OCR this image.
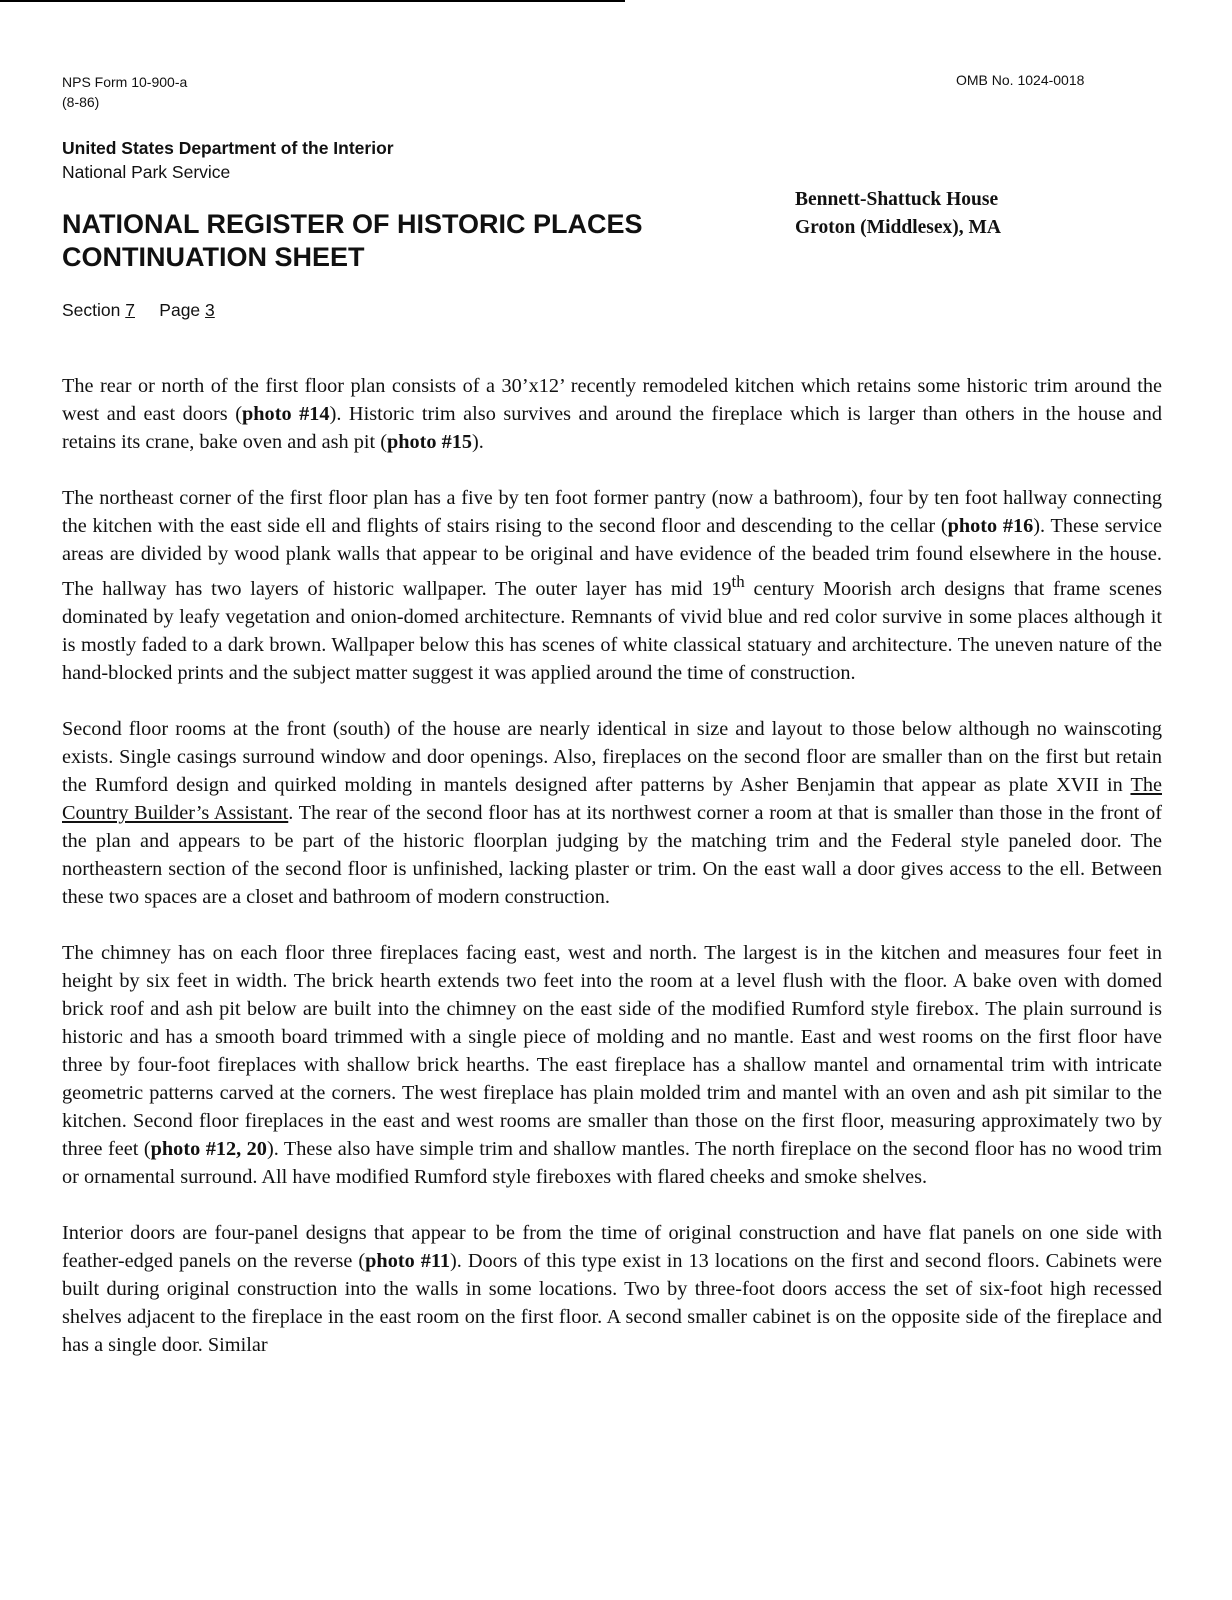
NPS Form 10-900-a
(8-86)
OMB No. 1024-0018
United States Department of the Interior
National Park Service
NATIONAL REGISTER OF HISTORIC PLACES
CONTINUATION SHEET
Bennett-Shattuck House
Groton (Middlesex), MA
Section 7 Page 3

The rear or north of the first floor plan consists of a 30’x12’ recently remodeled kitchen which retains some historic trim around the west and east doors (photo #14). Historic trim also survives and around the fireplace which is larger than others in the house and retains its crane, bake oven and ash pit (photo #15).

The northeast corner of the first floor plan has a five by ten foot former pantry (now a bathroom), four by ten foot hallway connecting the kitchen with the east side ell and flights of stairs rising to the second floor and descending to the cellar (photo #16). These service areas are divided by wood plank walls that appear to be original and have evidence of the beaded trim found elsewhere in the house. The hallway has two layers of historic wallpaper. The outer layer has mid 19th century Moorish arch designs that frame scenes dominated by leafy vegetation and onion-domed architecture. Remnants of vivid blue and red color survive in some places although it is mostly faded to a dark brown. Wallpaper below this has scenes of white classical statuary and architecture. The uneven nature of the hand-blocked prints and the subject matter suggest it was applied around the time of construction.

Second floor rooms at the front (south) of the house are nearly identical in size and layout to those below although no wainscoting exists. Single casings surround window and door openings. Also, fireplaces on the second floor are smaller than on the first but retain the Rumford design and quirked molding in mantels designed after patterns by Asher Benjamin that appear as plate XVII in The Country Builder’s Assistant. The rear of the second floor has at its northwest corner a room at that is smaller than those in the front of the plan and appears to be part of the historic floorplan judging by the matching trim and the Federal style paneled door. The northeastern section of the second floor is unfinished, lacking plaster or trim. On the east wall a door gives access to the ell. Between these two spaces are a closet and bathroom of modern construction.

The chimney has on each floor three fireplaces facing east, west and north. The largest is in the kitchen and measures four feet in height by six feet in width. The brick hearth extends two feet into the room at a level flush with the floor. A bake oven with domed brick roof and ash pit below are built into the chimney on the east side of the modified Rumford style firebox. The plain surround is historic and has a smooth board trimmed with a single piece of molding and no mantle. East and west rooms on the first floor have three by four-foot fireplaces with shallow brick hearths. The east fireplace has a shallow mantel and ornamental trim with intricate geometric patterns carved at the corners. The west fireplace has plain molded trim and mantel with an oven and ash pit similar to the kitchen. Second floor fireplaces in the east and west rooms are smaller than those on the first floor, measuring approximately two by three feet (photo #12, 20). These also have simple trim and shallow mantles. The north fireplace on the second floor has no wood trim or ornamental surround. All have modified Rumford style fireboxes with flared cheeks and smoke shelves.

Interior doors are four-panel designs that appear to be from the time of original construction and have flat panels on one side with feather-edged panels on the reverse (photo #11). Doors of this type exist in 13 locations on the first and second floors. Cabinets were built during original construction into the walls in some locations. Two by three-foot doors access the set of six-foot high recessed shelves adjacent to the fireplace in the east room on the first floor. A second smaller cabinet is on the opposite side of the fireplace and has a single door. Similar
